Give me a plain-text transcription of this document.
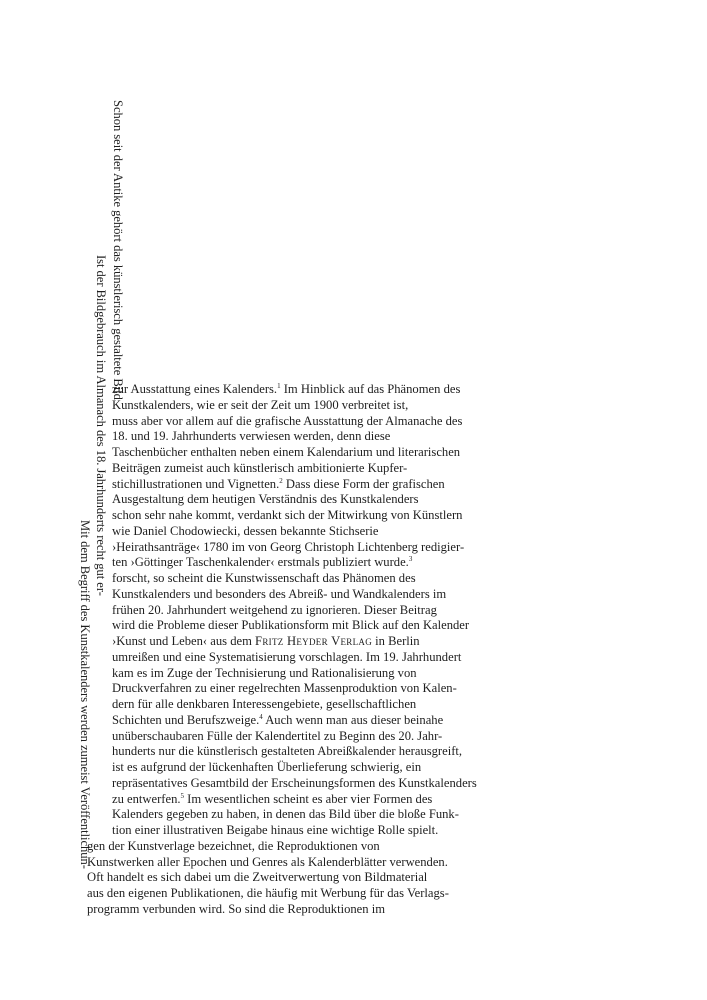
Schon seit der Antike gehört das künstlerisch gestaltete Bild
Ist der Bildgebrauch im Almanach des 18. Jahrhunderts recht gut er-
Mit dem Begriff des Kunstkalenders werden zumeist Veröffentlichun-
zur Ausstattung eines Kalenders.$^1$ Im Hinblick auf das Phänomen des
Kunstkalenders, wie er seit der Zeit um 1900 verbreitet ist,
muss aber vor allem auf die grafische Ausstattung der Almanache des
18. und 19. Jahrhunderts verwiesen werden, denn diese
Taschenbücher enthalten neben einem Kalendarium und literarischen
Beiträgen zumeist auch künstlerisch ambitionierte Kupfer-
stichillustrationen und Vignetten.$^2$ Dass diese Form der grafischen
Ausgestaltung dem heutigen Verständnis des Kunstkalenders
schon sehr nahe kommt, verdankt sich der Mitwirkung von Künstlern
wie Daniel Chodowiecki, dessen bekannte Stichserie
›Heirathsanträge‹ 1780 im von Georg Christoph Lichtenberg redigier-
ten ›Göttinger Taschenkalender‹ erstmals publiziert wurde.$^3$
forscht, so scheint die Kunstwissenschaft das Phänomen des
Kunstkalenders und besonders des Abreiß- und Wandkalenders im
frühen 20. Jahrhundert weitgehend zu ignorieren. Dieser Beitrag
wird die Probleme dieser Publikationsform mit Blick auf den Kalender
›Kunst und Leben‹ aus dem Fritz Heyder Verlag in Berlin
umreißen und eine Systematisierung vorschlagen. Im 19. Jahrhundert
kam es im Zuge der Technisierung und Rationalisierung von
Druckverfahren zu einer regelrechten Massenproduktion von Kalen-
dern für alle denkbaren Interessengebiete, gesellschaftlichen
Schichten und Berufszweige.$^4$ Auch wenn man aus dieser beinahe
unüberschaubaren Fülle der Kalendertitel zu Beginn des 20. Jahr-
hunderts nur die künstlerisch gestalteten Abreißkalender herausgreift,
ist es aufgrund der lückenhaften Überlieferung schwierig, ein
repräsentatives Gesamtbild der Erscheinungsformen des Kunstkalenders
zu entwerfen.$^5$ Im wesentlichen scheint es aber vier Formen des
Kalenders gegeben zu haben, in denen das Bild über die bloße Funk-
tion einer illustrativen Beigabe hinaus eine wichtige Rolle spielt.
gen der Kunstverlage bezeichnet, die Reproduktionen von
Kunstwerken aller Epochen und Genres als Kalenderblätter verwenden.
Oft handelt es sich dabei um die Zweitverwertung von Bildmaterial
aus den eigenen Publikationen, die häufig mit Werbung für das Verlags-
programm verbunden wird. So sind die Reproduktionen im
